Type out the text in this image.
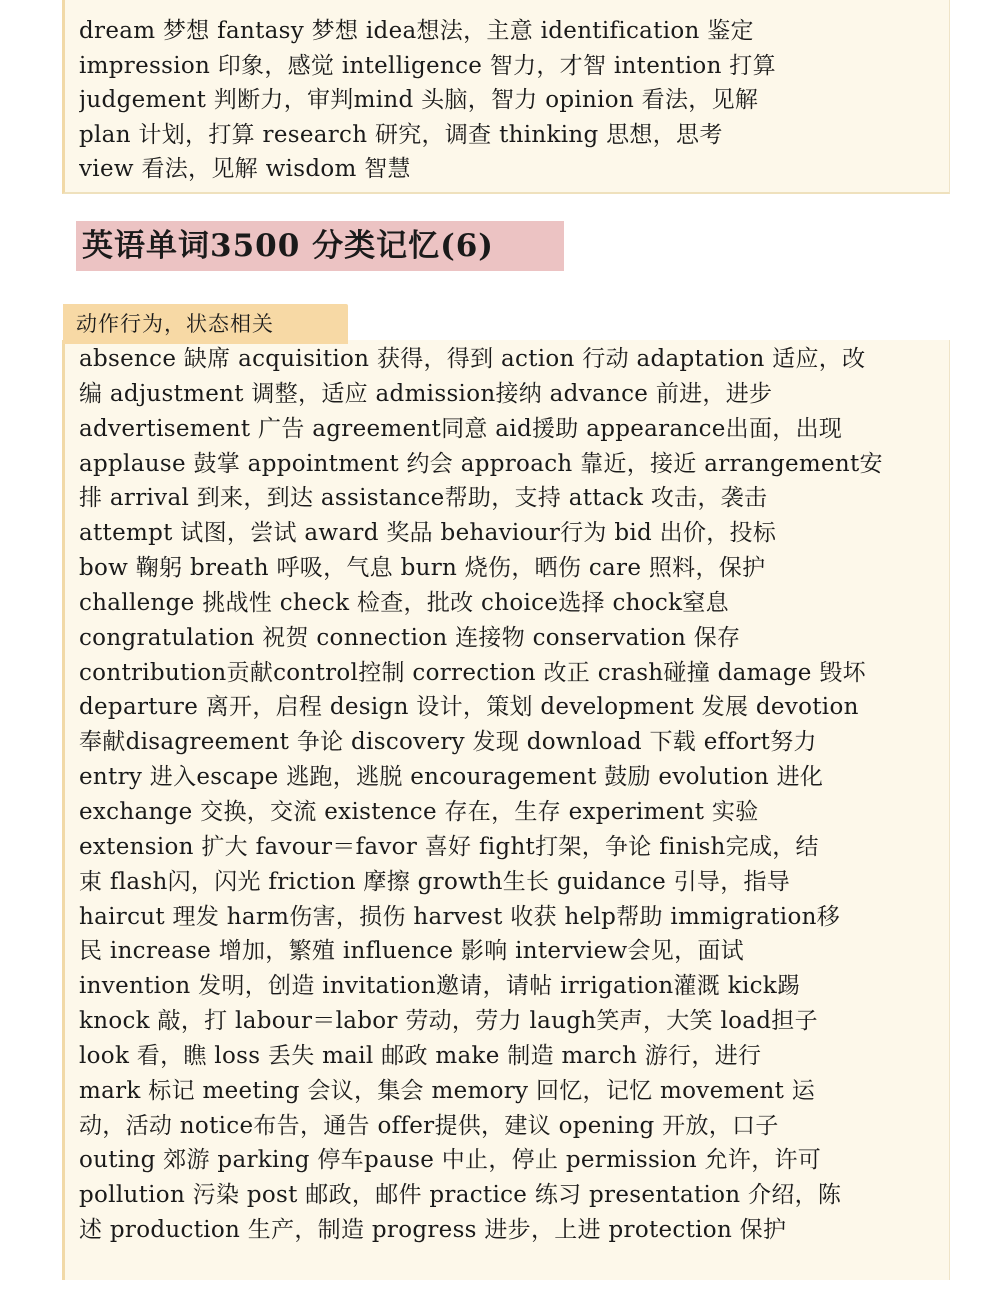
dream 梦想 fantasy 梦想 idea想法，主意 identification 鉴定
impression 印象，感觉 intelligence 智力，才智 intention 打算
judgement 判断力，审判mind 头脑，智力 opinion 看法，见解
plan 计划，打算 research 研究，调查 thinking 思想，思考
view 看法，见解 wisdom 智慧
英语单词3500 分类记忆(6)
absence 缺席 acquisition 获得，得到 action 行动 adaptation 适应，改
编 adjustment 调整，适应 admission接纳 advance 前进，进步
advertisement 广告 agreement同意 aid援助 appearance出面，出现
applause 鼓掌 appointment 约会 approach 靠近，接近 arrangement安
排 arrival 到来，到达 assistance帮助，支持 attack 攻击，袭击
attempt 试图，尝试 award 奖品 behaviour行为 bid 出价，投标
bow 鞠躬 breath 呼吸，气息 burn 烧伤，晒伤 care 照料，保护
challenge 挑战性 check 检查，批改 choice选择 chock窒息
congratulation 祝贺 connection 连接物 conservation 保存
contribution贡献control控制 correction 改正 crash碰撞 damage 毁坏
departure 离开，启程 design 设计，策划 development 发展 devotion
奉献disagreement 争论 discovery 发现 download 下载 effort努力
entry 进入escape 逃跑，逃脱 encouragement 鼓励 evolution 进化
exchange 交换，交流 existence 存在，生存 experiment 实验
extension 扩大 favour＝favor 喜好 fight打架，争论 finish完成，结
束 flash闪，闪光 friction 摩擦 growth生长 guidance 引导，指导
haircut 理发 harm伤害，损伤 harvest 收获 help帮助 immigration移
民 increase 增加，繁殖 influence 影响 interview会见，面试
invention 发明，创造 invitation邀请，请帖 irrigation灌溉 kick踢
knock 敲，打 labour＝labor 劳动，劳力 laugh笑声，大笑 load担子
look 看，瞧 loss 丢失 mail 邮政 make 制造 march 游行，进行
mark 标记 meeting 会议，集会 memory 回忆，记忆 movement 运
动，活动 notice布告，通告 offer提供，建议 opening 开放，口子
outing 郊游 parking 停车pause 中止，停止 permission 允许，许可
pollution 污染 post 邮政，邮件 practice 练习 presentation 介绍，陈
述 production 生产，制造 progress 进步，上进 protection 保护
动作行为，状态相关
